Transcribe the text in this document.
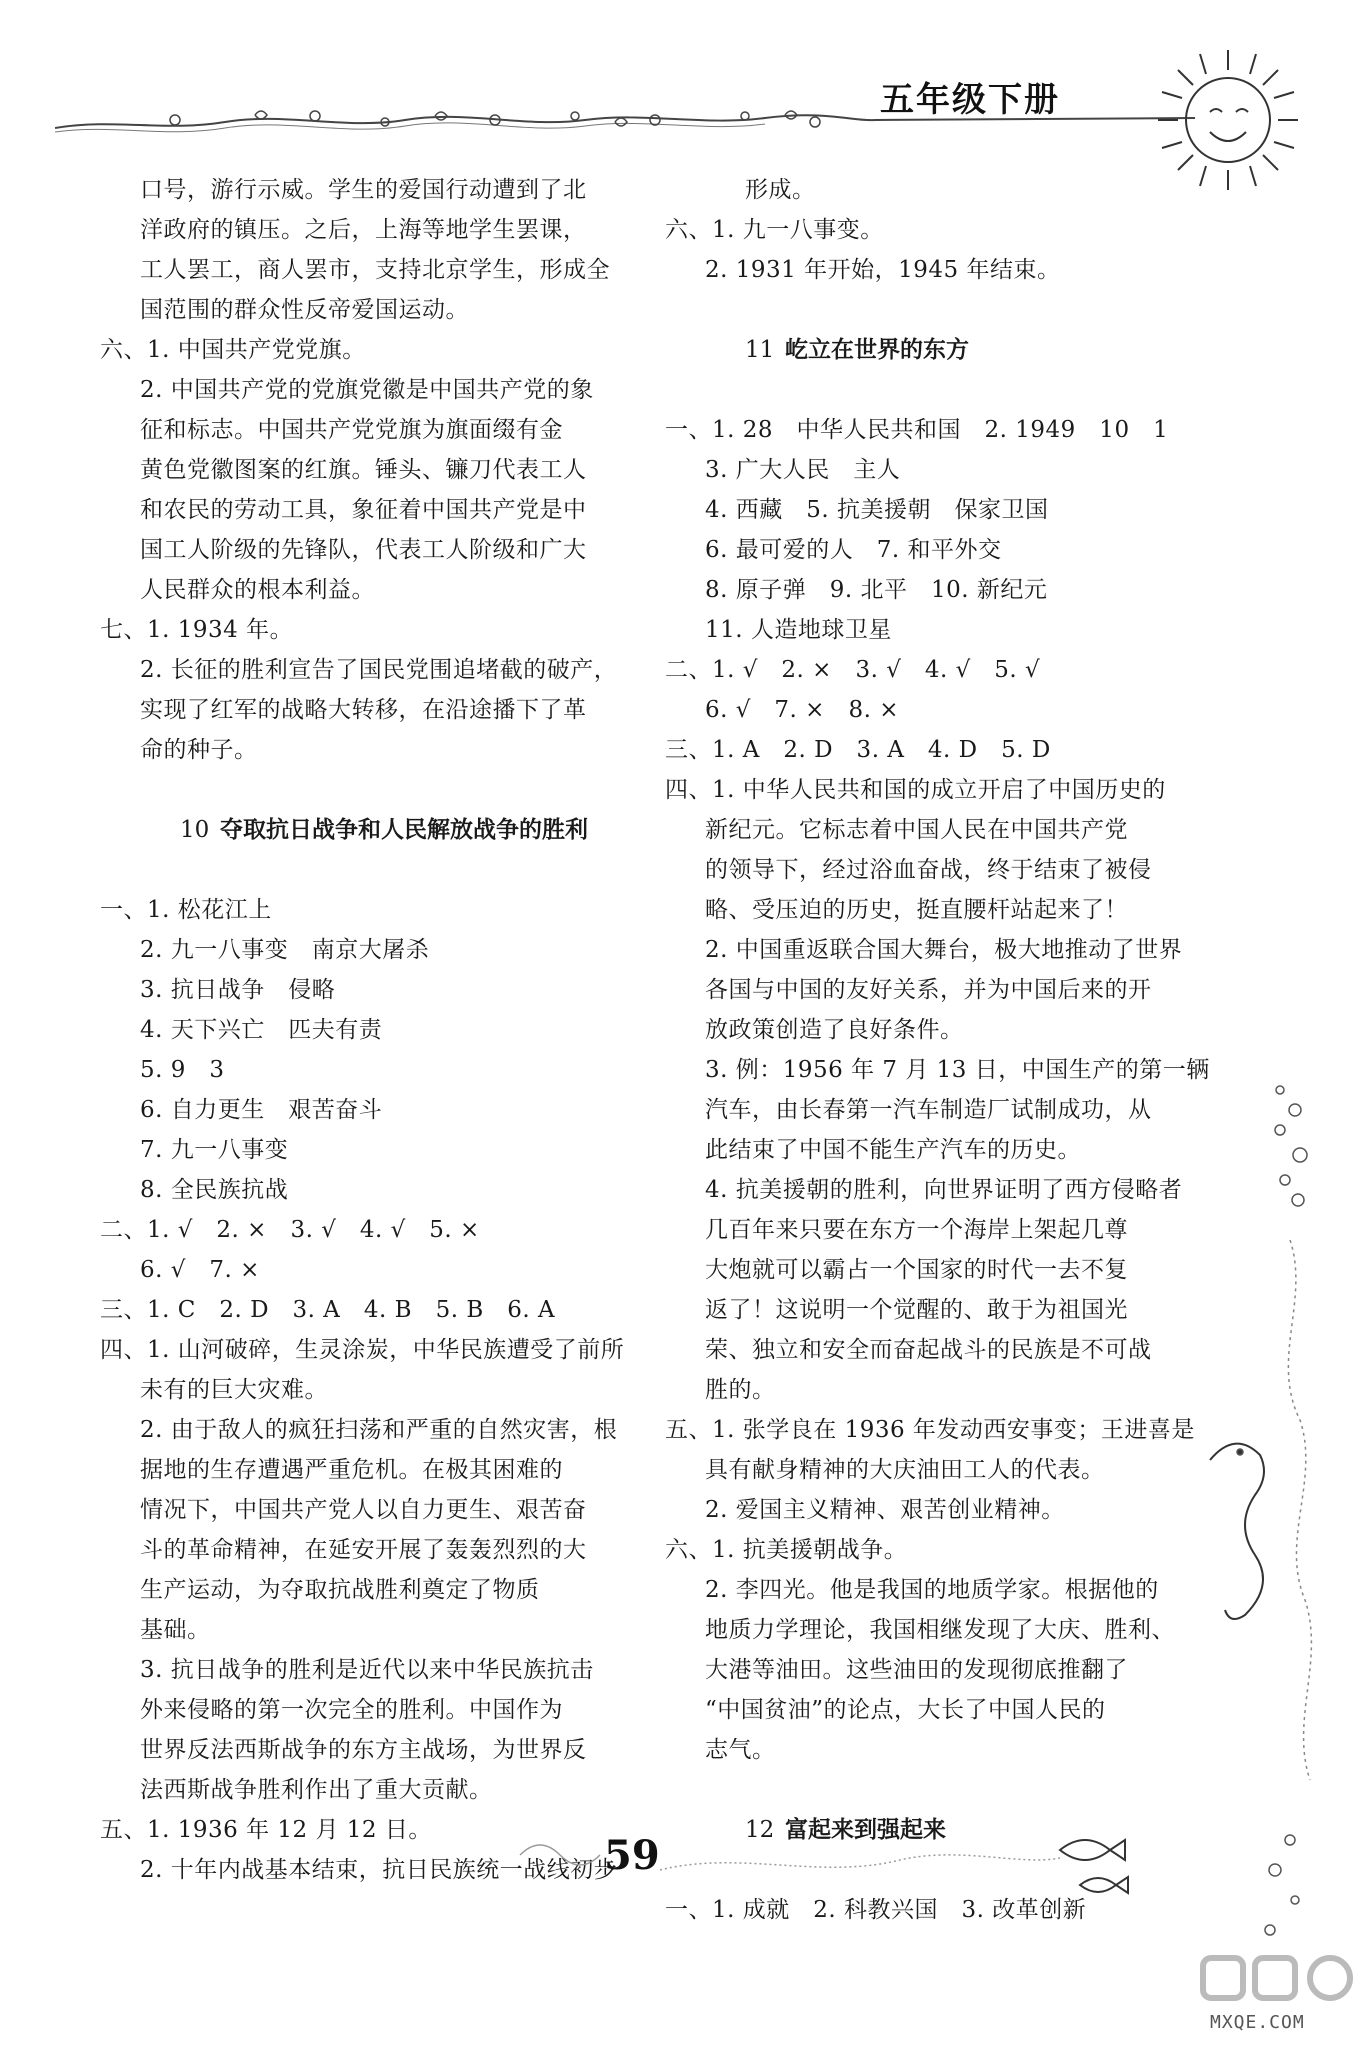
五年级下册
口号，游行示威。学生的爱国行动遭到了北
洋政府的镇压。之后，上海等地学生罢课，
工人罢工，商人罢市，支持北京学生，形成全
国范围的群众性反帝爱国运动。
六、1. 中国共产党党旗。
2. 中国共产党的党旗党徽是中国共产党的象
征和标志。中国共产党党旗为旗面缀有金
黄色党徽图案的红旗。锤头、镰刀代表工人
和农民的劳动工具，象征着中国共产党是中
国工人阶级的先锋队，代表工人阶级和广大
人民群众的根本利益。
七、1. 1934 年。
2. 长征的胜利宣告了国民党围追堵截的破产，
实现了红军的战略大转移，在沿途播下了革
命的种子。
10 夺取抗日战争和人民解放战争的胜利
一、1. 松花江上
2. 九一八事变　南京大屠杀
3. 抗日战争　侵略
4. 天下兴亡　匹夫有责
5. 9　3
6. 自力更生　艰苦奋斗
7. 九一八事变
8. 全民族抗战
二、1. √　2. ×　3. √　4. √　5. ×
6. √　7. ×
三、1. C　2. D　3. A　4. B　5. B　6. A
四、1. 山河破碎，生灵涂炭，中华民族遭受了前所
未有的巨大灾难。
2. 由于敌人的疯狂扫荡和严重的自然灾害，根
据地的生存遭遇严重危机。在极其困难的
情况下，中国共产党人以自力更生、艰苦奋
斗的革命精神，在延安开展了轰轰烈烈的大
生产运动，为夺取抗战胜利奠定了物质
基础。
3. 抗日战争的胜利是近代以来中华民族抗击
外来侵略的第一次完全的胜利。中国作为
世界反法西斯战争的东方主战场，为世界反
法西斯战争胜利作出了重大贡献。
五、1. 1936 年 12 月 12 日。
2. 十年内战基本结束，抗日民族统一战线初步
形成。
六、1. 九一八事变。
2. 1931 年开始，1945 年结束。
11 屹立在世界的东方
一、1. 28　中华人民共和国　2. 1949　10　1
3. 广大人民　主人
4. 西藏　5. 抗美援朝　保家卫国
6. 最可爱的人　7. 和平外交
8. 原子弹　9. 北平　10. 新纪元
11. 人造地球卫星
二、1. √　2. ×　3. √　4. √　5. √
6. √　7. ×　8. ×
三、1. A　2. D　3. A　4. D　5. D
四、1. 中华人民共和国的成立开启了中国历史的
新纪元。它标志着中国人民在中国共产党
的领导下，经过浴血奋战，终于结束了被侵
略、受压迫的历史，挺直腰杆站起来了！
2. 中国重返联合国大舞台，极大地推动了世界
各国与中国的友好关系，并为中国后来的开
放政策创造了良好条件。
3. 例：1956 年 7 月 13 日，中国生产的第一辆
汽车，由长春第一汽车制造厂试制成功，从
此结束了中国不能生产汽车的历史。
4. 抗美援朝的胜利，向世界证明了西方侵略者
几百年来只要在东方一个海岸上架起几尊
大炮就可以霸占一个国家的时代一去不复
返了！这说明一个觉醒的、敢于为祖国光
荣、独立和安全而奋起战斗的民族是不可战
胜的。
五、1. 张学良在 1936 年发动西安事变；王进喜是
具有献身精神的大庆油田工人的代表。
2. 爱国主义精神、艰苦创业精神。
六、1. 抗美援朝战争。
2. 李四光。他是我国的地质学家。根据他的
地质力学理论，我国相继发现了大庆、胜利、
大港等油田。这些油田的发现彻底推翻了
“中国贫油”的论点，大长了中国人民的
志气。
12 富起来到强起来
一、1. 成就　2. 科教兴国　3. 改革创新
59
MXQE.COM
